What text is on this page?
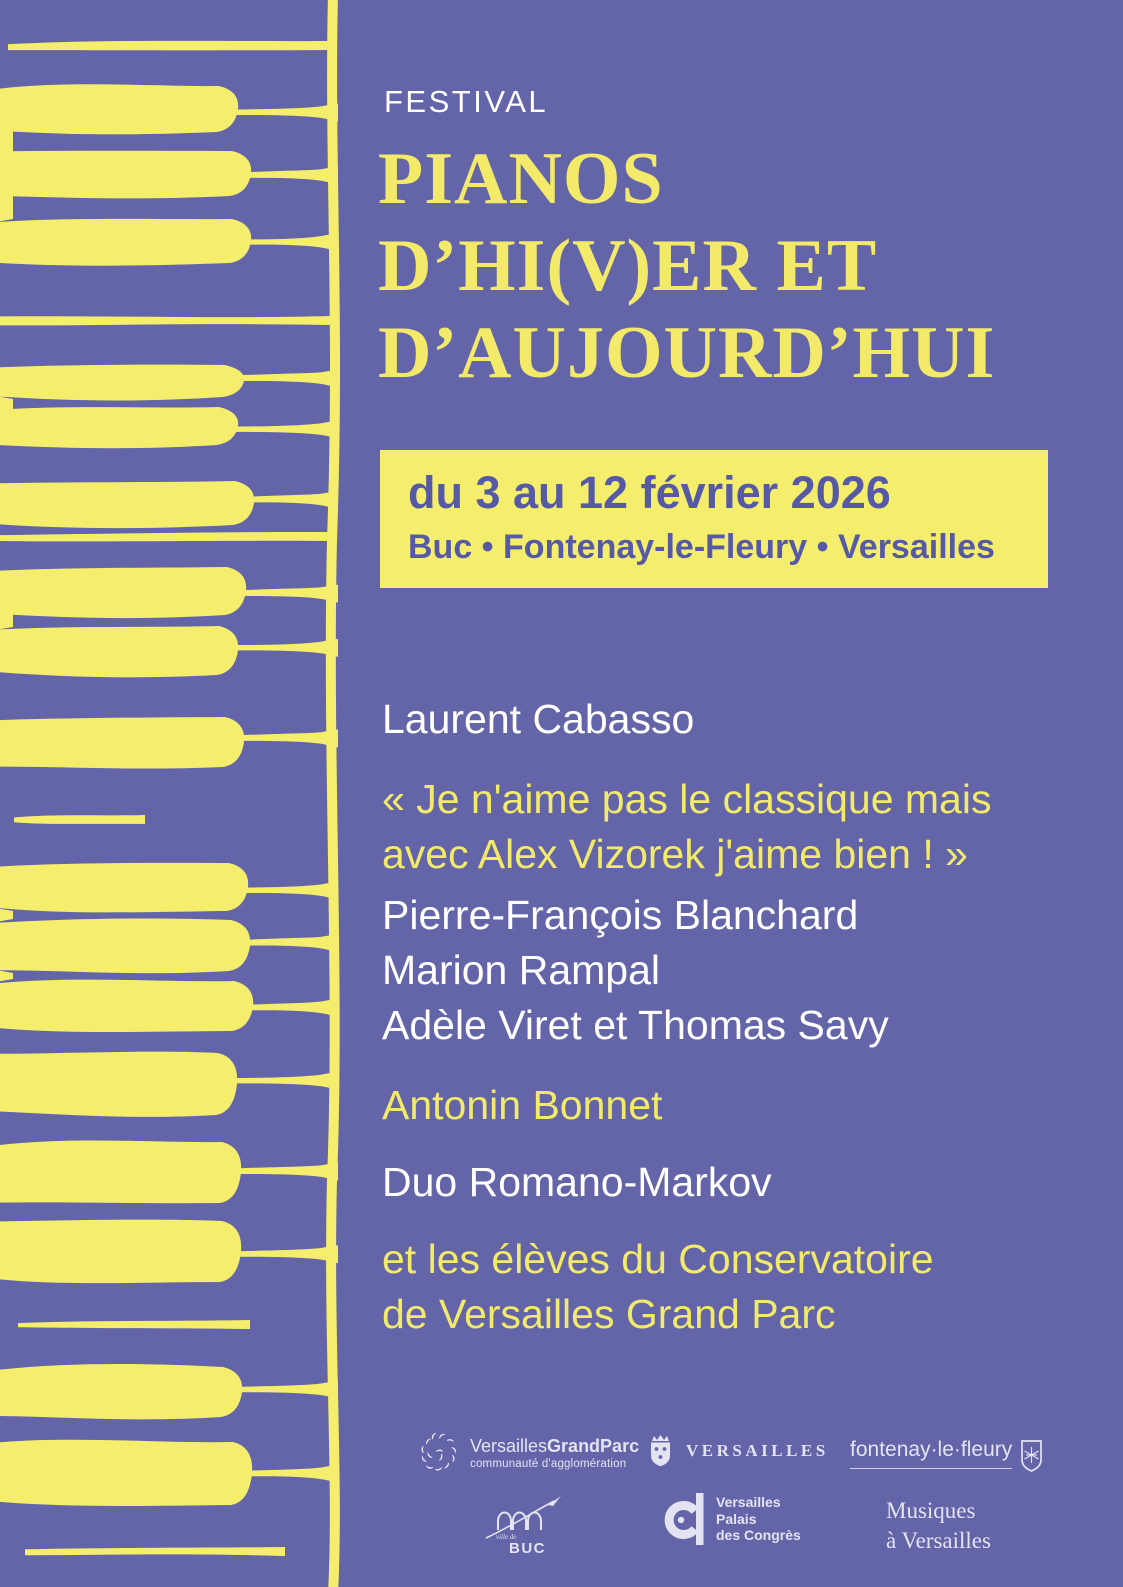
FESTIVAL
PIANOS
D’HI(V)ER ET
D’AUJOURD’HUI
du 3 au 12 février 2026
Buc • Fontenay-le-Fleury • Versailles
Laurent Cabasso
« Je n'aime pas le classique mais
avec Alex Vizorek j'aime bien ! »
Pierre-François Blanchard
Marion Rampal
Adèle Viret et Thomas Savy
Antonin Bonnet
Duo Romano-Markov
et les élèves du Conservatoire
de Versailles Grand Parc
VersaillesGrandParc
communauté d'agglomération
VERSAILLES fontenay·le·fleury
ville de
BUC
Versailles
Palais
des Congrès
Musiques
à Versailles
